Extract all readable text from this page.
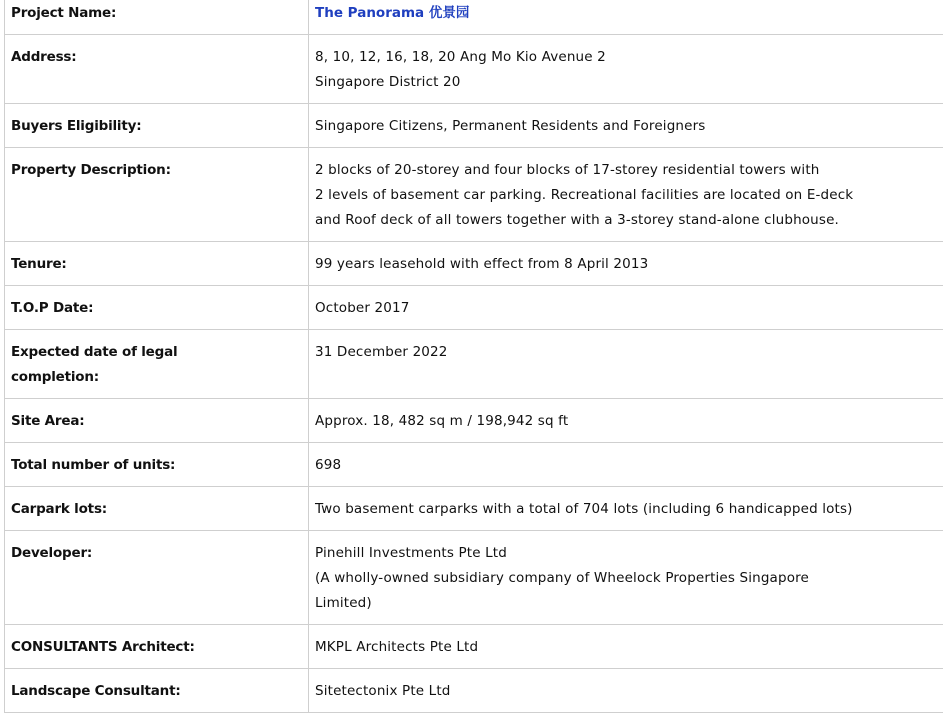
Project Name:	The Panorama 优景园

Address:	8, 10, 12, 16, 18, 20 Ang Mo Kio Avenue 2
Singapore District 20

Buyers Eligibility:	Singapore Citizens, Permanent Residents and Foreigners

Property Description:	2 blocks of 20-storey and four blocks of 17-storey residential towers with
2 levels of basement car parking. Recreational facilities are located on E-deck
and Roof deck of all towers together with a 3-storey stand-alone clubhouse.

Tenure:	99 years leasehold with effect from 8 April 2013

T.O.P Date:	October 2017

Expected date of legal
completion:	31 December 2022

Site Area:	Approx. 18, 482 sq m / 198,942 sq ft

Total number of units:	698

Carpark lots:	Two basement carparks with a total of 704 lots (including 6 handicapped lots)

Developer:	Pinehill Investments Pte Ltd
(A wholly-owned subsidiary company of Wheelock Properties Singapore
Limited)

CONSULTANTS Architect:	MKPL Architects Pte Ltd

Landscape Consultant:	Sitetectonix Pte Ltd
